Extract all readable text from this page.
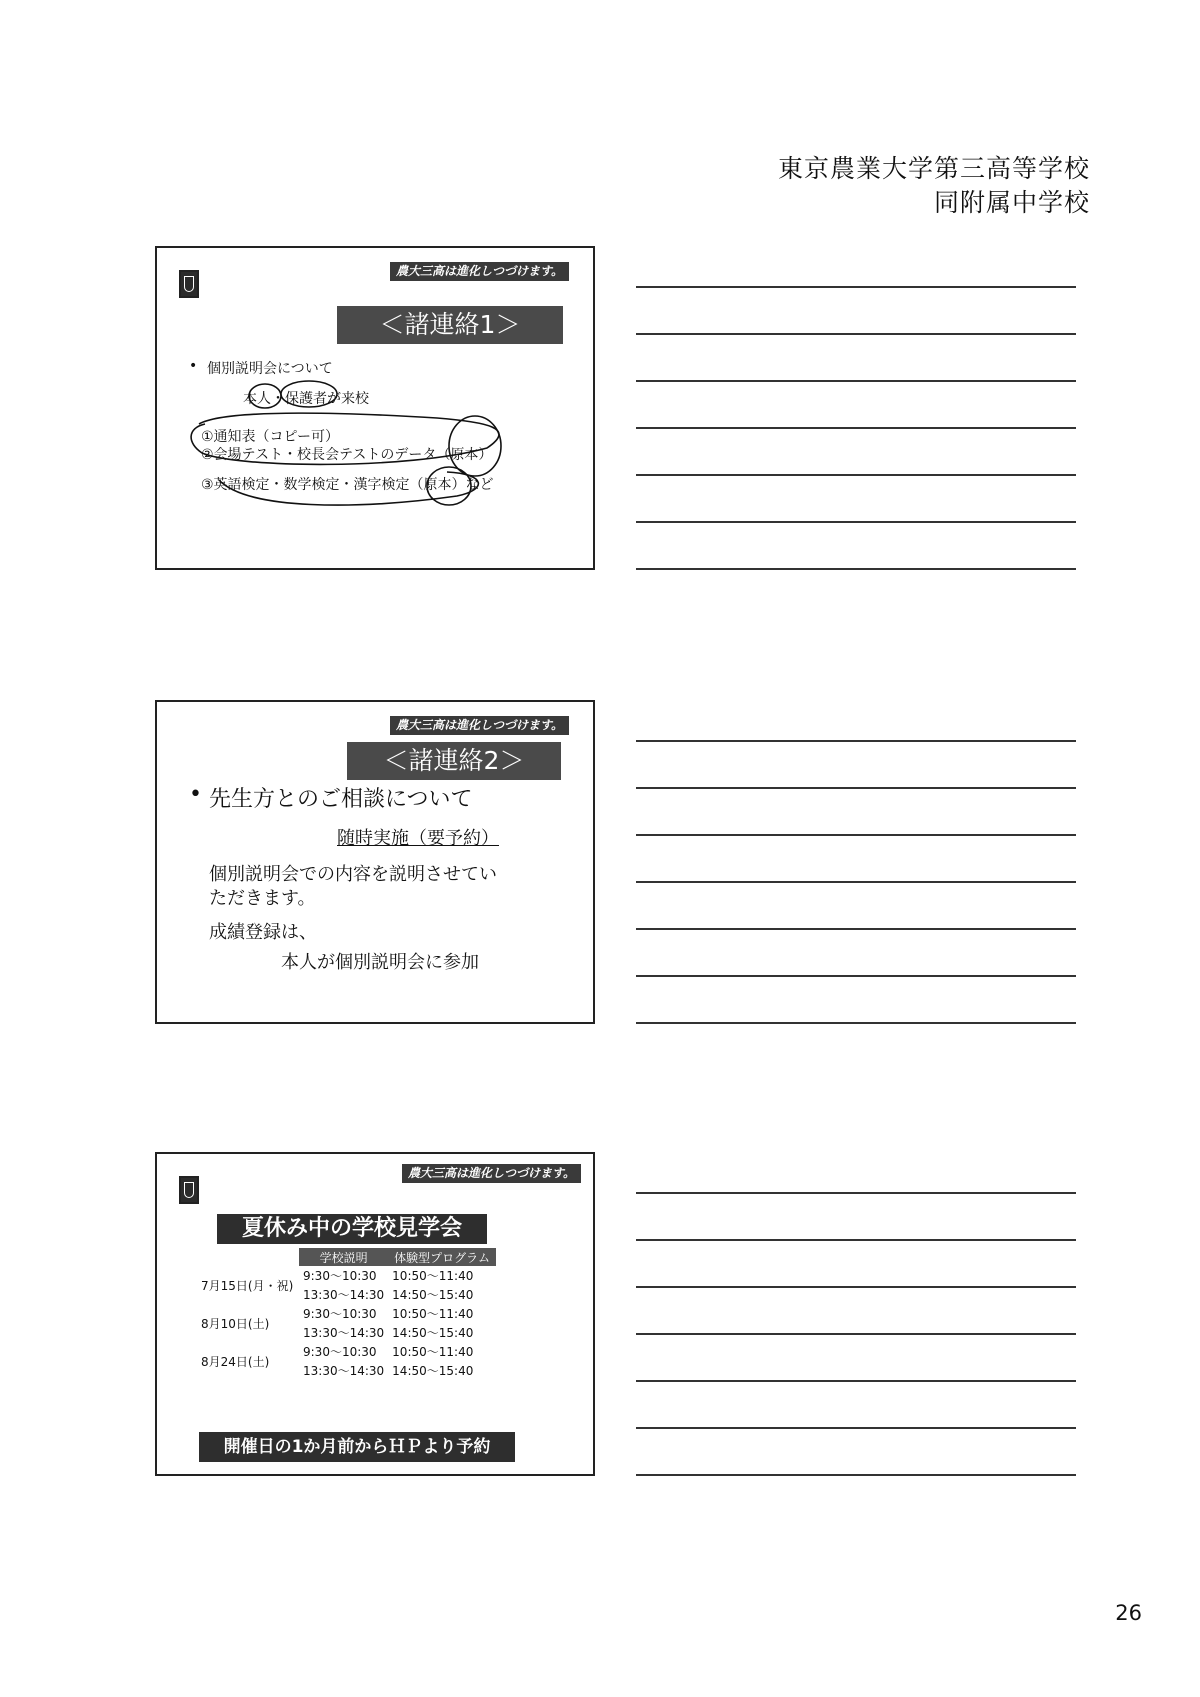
東京農業大学第三高等学校
同附属中学校
農大三高は進化しつづけます。
＜諸連絡1＞
• 個別説明会について
本人・保護者が来校
①通知表（コピー可）
②会場テスト・校長会テストのデータ（原本）
③英語検定・数学検定・漢字検定（原本）など
農大三高は進化しつづけます。
＜諸連絡2＞
• 先生方とのご相談について
随時実施（要予約）
個別説明会での内容を説明させてい
ただきます。
成績登録は、
本人が個別説明会に参加
農大三高は進化しつづけます。
夏休み中の学校見学会
	学校説明	体験型プログラム
7月15日(月・祝)	9:30～10:30	10:50～11:40
	13:30～14:30	14:50～15:40
8月10日(土)	9:30～10:30	10:50～11:40
	13:30～14:30	14:50～15:40
8月24日(土)	9:30～10:30	10:50～11:40
	13:30～14:30	14:50～15:40
開催日の1か月前からＨＰより予約
26
